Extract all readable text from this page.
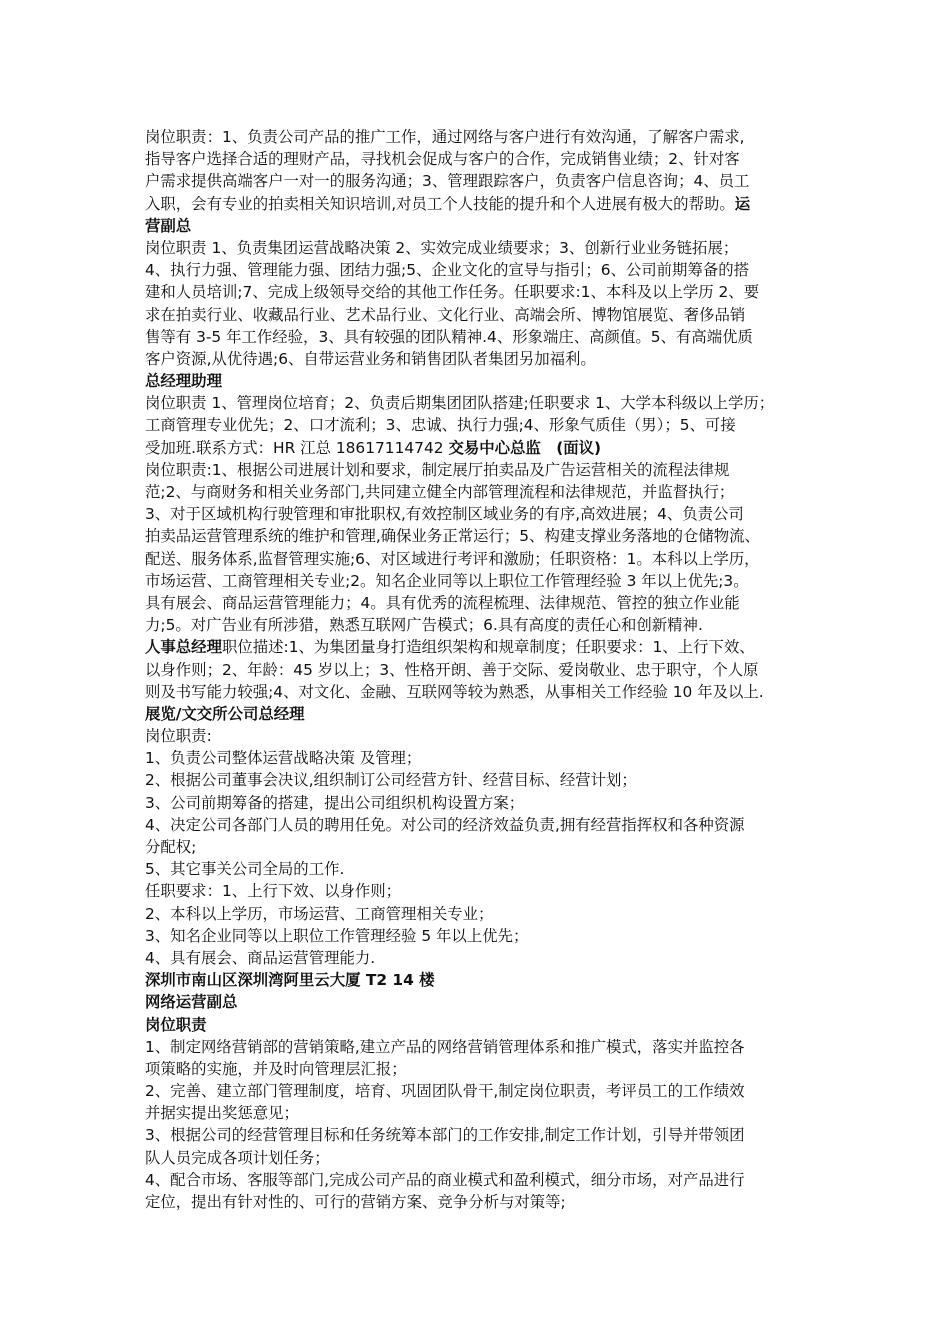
岗位职责：1、负责公司产品的推广工作，通过网络与客户进行有效沟通，了解客户需求,
指导客户选择合适的理财产品，寻找机会促成与客户的合作，完成销售业绩；2、针对客
户需求提供高端客户一对一的服务沟通；3、管理跟踪客户，负责客户信息咨询；4、员工
入职，会有专业的拍卖相关知识培训,对员工个人技能的提升和个人进展有极大的帮助。运
营副总
岗位职责 1、负责集团运营战略决策 2、实效完成业绩要求；3、创新行业业务链拓展；
4、执行力强、管理能力强、团结力强;5、企业文化的宣导与指引；6、公司前期筹备的搭
建和人员培训;7、完成上级领导交给的其他工作任务。任职要求:1、本科及以上学历 2、要
求在拍卖行业、收藏品行业、艺术品行业、文化行业、高端会所、博物馆展览、奢侈品销
售等有 3-5 年工作经验，3、具有较强的团队精神.4、形象端庄、高颜值。5、有高端优质
客户资源,从优待遇;6、自带运营业务和销售团队者集团另加福利。
总经理助理
岗位职责 1、管理岗位培育；2、负责后期集团团队搭建;任职要求 1、大学本科级以上学历；
工商管理专业优先；2、口才流利；3、忠诚、执行力强;4、形象气质佳（男）；5、可接
受加班.联系方式：HR 江总 18617114742 交易中心总监　(面议)
岗位职责:1、根据公司进展计划和要求，制定展厅拍卖品及广告运营相关的流程法律规
范;2、与商财务和相关业务部门,共同建立健全内部管理流程和法律规范，并监督执行；
3、对于区域机构行驶管理和审批职权,有效控制区域业务的有序,高效进展；4、负责公司
拍卖品运营管理系统的维护和管理,确保业务正常运行；5、构建支撑业务落地的仓储物流、
配送、服务体系,监督管理实施;6、对区域进行考评和激励；任职资格：1。本科以上学历，
市场运营、工商管理相关专业;2。知名企业同等以上职位工作管理经验 3 年以上优先;3。
具有展会、商品运营管理能力；4。具有优秀的流程梳理、法律规范、管控的独立作业能
力;5。对广告业有所涉猎，熟悉互联网广告模式；6.具有高度的责任心和创新精神.
人事总经理职位描述:1、为集团量身打造组织架构和规章制度；任职要求：1、上行下效、
以身作则；2、年龄：45 岁以上；3、性格开朗、善于交际、爱岗敬业、忠于职守，个人原
则及书写能力较强;4、对文化、金融、互联网等较为熟悉，从事相关工作经验 10 年及以上.
展览/文交所公司总经理
岗位职责:
1、负责公司整体运营战略决策 及管理；
2、根据公司董事会决议,组织制订公司经营方针、经营目标、经营计划；
3、公司前期筹备的搭建，提出公司组织机构设置方案；
4、决定公司各部门人员的聘用任免。对公司的经济效益负责,拥有经营指挥权和各种资源
分配权;
5、其它事关公司全局的工作.
任职要求：1、上行下效、以身作则；
2、本科以上学历，市场运营、工商管理相关专业；
3、知名企业同等以上职位工作管理经验 5 年以上优先；
4、具有展会、商品运营管理能力.
深圳市南山区深圳湾阿里云大厦 T2 14 楼
网络运营副总
岗位职责
1、制定网络营销部的营销策略,建立产品的网络营销管理体系和推广模式，落实并监控各
项策略的实施，并及时向管理层汇报；
2、完善、建立部门管理制度，培育、巩固团队骨干,制定岗位职责，考评员工的工作绩效
并据实提出奖惩意见；
3、根据公司的经营管理目标和任务统筹本部门的工作安排,制定工作计划，引导并带领团
队人员完成各项计划任务；
4、配合市场、客服等部门,完成公司产品的商业模式和盈利模式，细分市场，对产品进行
定位，提出有针对性的、可行的营销方案、竞争分析与对策等;
